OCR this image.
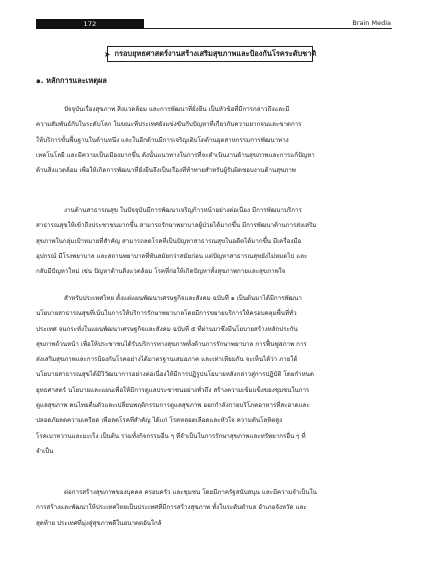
172	Brain Media
➤ กรอบยุทธศาสตร์งานสร้างเสริมสุขภาพและป้องกันโรคระดับชาติ
๑. หลักการและเหตุผล
ปัจจุบันเรื่องสุขภาพ สิ่งแวดล้อม และการพัฒนาที่ยั่งยืน เป็นหัวข้อที่มีการกล่าวถึงและมี
ความสัมพันธ์กับในระดับโลก ในขณะที่ประเทศยังแข่งขันกับปัญหาที่เกี่ยวกับความยากจนและขาดการ
ให้บริการขั้นพื้นฐานในด้านหนึ่ง และในอีกด้านมีการเจริญเติบโตด้านอุตสาหกรรมการพัฒนาทาง
เทคโนโลยี และมีความเป็นเมืองมากขึ้น ดังนั้นแนวทางในการที่จะดำเนินงานด้านสุขภาพและการแก้ปัญหา
ด้านสิ่งแวดล้อม เพื่อให้เกิดการพัฒนาที่ยั่งยืนจึงเป็นเรื่องที่ท้าทายสำหรับผู้รับผิดชอบงานด้านสุขภาพ
งานด้านสาธารณสุข ในปัจจุบันมีการพัฒนาเจริญก้าวหน้าอย่างต่อเนื่อง มีการพัฒนาบริการ
สาธารณสุขให้เข้าถึงประชาชนมากขึ้น สามารถรักษาพยาบาลผู้ป่วยได้มากขึ้น มีการพัฒนาด้านการส่งเสริม
สุขภาพในกลุ่มเป้าหมายที่สำคัญ สามารถลดโรคที่เป็นปัญหาสาธารณสุขในอดีตได้มากขึ้น มีเครื่องมือ
อุปกรณ์ มีโรงพยาบาล และสถานพยาบาลที่ทันสมัยกว่าสมัยก่อน แต่ปัญหาสาธารณสุขยังไม่หมดไป และ
กลับมีปัญหาใหม่ เช่น ปัญหาด้านสิ่งแวดล้อม โรคที่ก่อให้เกิดปัญหาทั้งสุขภาพกายและสุขภาพใจ
สำหรับประเทศไทย ตั้งแต่แผนพัฒนาเศรษฐกิจและสังคม ฉบับที่ ๑ เป็นต้นมาได้มีการพัฒนา
นโยบายสาธารณสุขที่เน้นในการให้บริการรักษาพยาบาลโดยมีการขยายบริการให้ครอบคลุมพื้นที่ทั่ว
ประเทศ จนกระทั่งในแผนพัฒนาเศรษฐกิจและสังคม ฉบับที่ ๕ ที่ผ่านมาซึ่งมีนโยบายสร้างหลักประกัน
สุขภาพถ้วนหน้า เพื่อให้ประชาชนได้รับบริการทางสุขภาพทั้งด้านการรักษาพยาบาล การฟื้นฟูสภาพ การ
ส่งเสริมสุขภาพและการป้องกันโรคอย่างได้มาตรฐานเสมอภาค และเท่าเทียมกัน จะเห็นได้ว่า ภายใต้
นโยบายสาธารณสุขได้มีวิวัฒนาการอย่างต่อเนื่องให้มีการปฏิรูปนโยบายหลังกล่าวสู่การปฏิบัติ โดยกำหนด
ยุทธศาสตร์ นโยบายและแผนเพื่อให้มีการดูแลประชาชนอย่างทั่วถึง สร้างความเข้มแข็งของชุมชนในการ
ดูแลสุขภาพ คนไทยตื่นตัวและเปลี่ยนพฤติกรรมการดูแลสุขภาพ ออกกำลังกายบริโภคอาหารที่สะอาดและ
ปลอดภัยลดความเครียด เพื่อลดโรคที่สำคัญ ได้แก่ โรคหลอดเลือดและหัวใจ ความดันโลหิตสูง
โรคเบาหวานและมะเร็ง เป็นต้น รวมทั้งกิจกรรมอื่น ๆ ที่จำเป็นในการรักษาสุขภาพและทรัพยากรอื่น ๆ ที่
จำเป็น
ต่อการสร้างสุขภาพของบุคคล ครอบครัว และชุมชน โดยมีภาครัฐสนับสนุน และมีความจำเป็นใน
การสร้างและพัฒนาให้ประเทศไทยเป็นประเทศที่มีการสร้างสุขภาพ ทั้งในระดับตำบล อำเภอจังหวัด และ
สุดท้าย ประเทศที่มุ่งสู่สุขภาพดีในอนาคตอันใกล้
